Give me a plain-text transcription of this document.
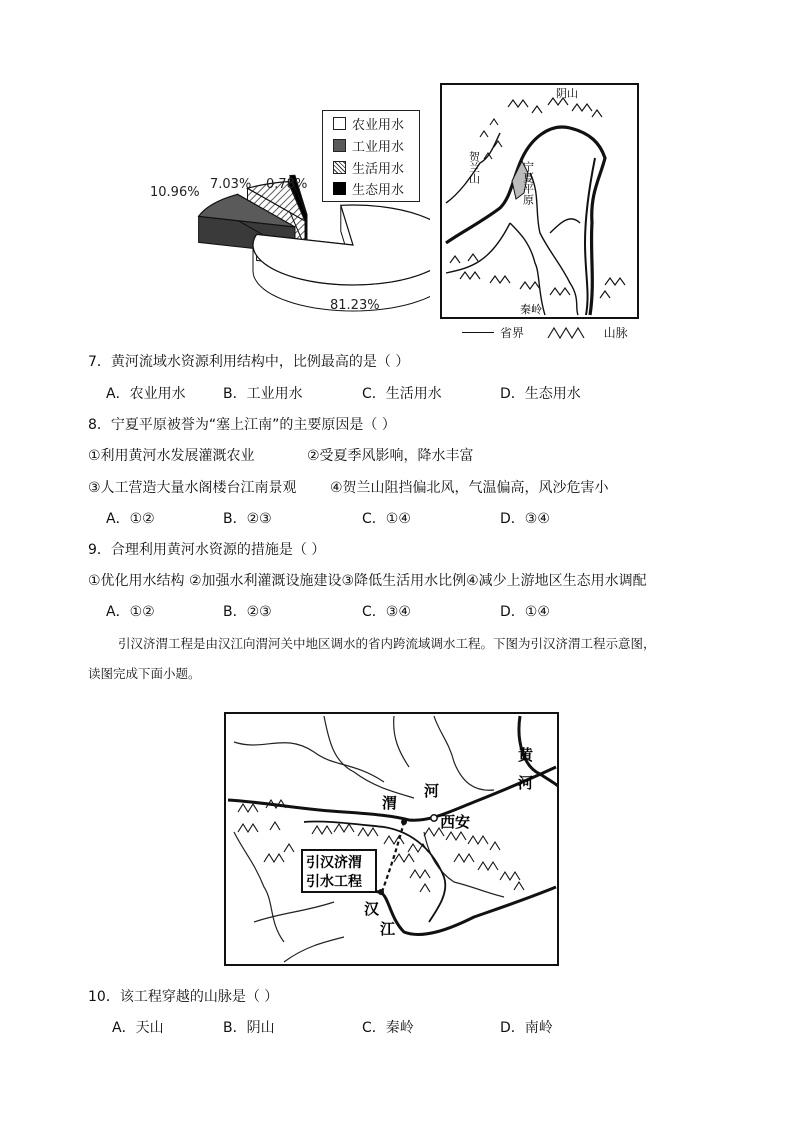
10.96%
7.03% 0.78%
81.23%
农业用水
工业用水
生活用水
生态用水
阴山
贺兰山	宁夏平原
秦岭
省界	山脉
7．黄河流域水资源利用结构中，比例最高的是（ ）
A．农业用水	B．工业用水	C．生活用水	D．生态用水
8．宁夏平原被誉为“塞上江南”的主要原因是（ ）
①利用黄河水发展灌溉农业	②受夏季风影响，降水丰富
③人工营造大量水阁楼台江南景观 ④贺兰山阻挡偏北风，气温偏高，风沙危害小
A．①②	B．②③	C．①④	D．③④
9．合理利用黄河水资源的措施是（ ）
①优化用水结构 ②加强水利灌溉设施建设③降低生活用水比例④减少上游地区生态用水调配
A．①②	B．②③	C．③④	D．①④
引汉济渭工程是由汉江向渭河关中地区调水的省内跨流域调水工程。下图为引汉济渭工程示意图，
读图完成下面小题。
渭
河
西安
黄
河
汉
江
引汉济渭
引水工程
10．该工程穿越的山脉是（ ）
A．天山	B．阴山	C．秦岭	D．南岭
